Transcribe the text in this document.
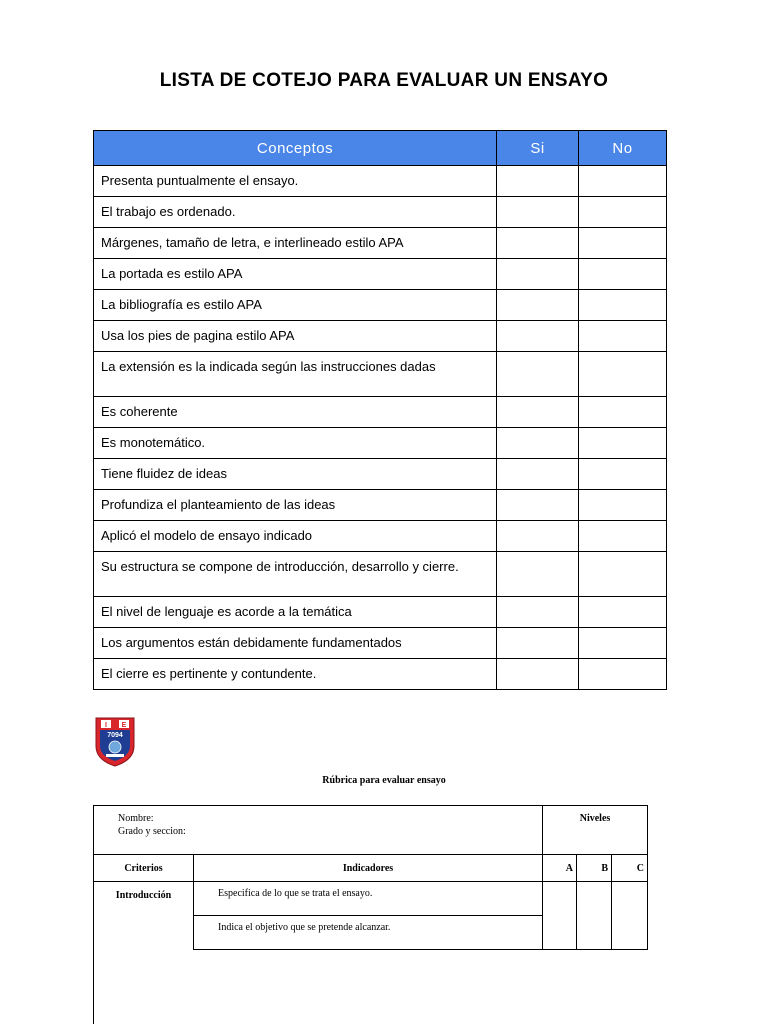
LISTA DE COTEJO PARA EVALUAR UN ENSAYO
Conceptos	Si	No
Presenta puntualmente el ensayo.		
El trabajo es ordenado.		
Márgenes, tamaño de letra, e interlineado estilo APA		
La portada es estilo APA		
La bibliografía es estilo APA		
Usa los pies de pagina estilo APA		
La extensión es la indicada según las instrucciones dadas		
Es coherente		
Es monotemático.		
Tiene fluidez de ideas		
Profundiza el planteamiento de las ideas		
Aplicó el modelo de ensayo indicado		
Su estructura se compone de introducción, desarrollo y cierre.		
El nivel de lenguaje es acorde a la temática		
Los argumentos están debidamente fundamentados		
El cierre es pertinente y contundente.		
I E
7094
Rúbrica para evaluar ensayo
Nombre:
Grado y seccion:		Niveles		
Criterios	Indicadores	A	B	C
Introducción	Especifica de lo que se trata el ensayo.			
	Indica el objetivo que se pretende alcanzar.			
